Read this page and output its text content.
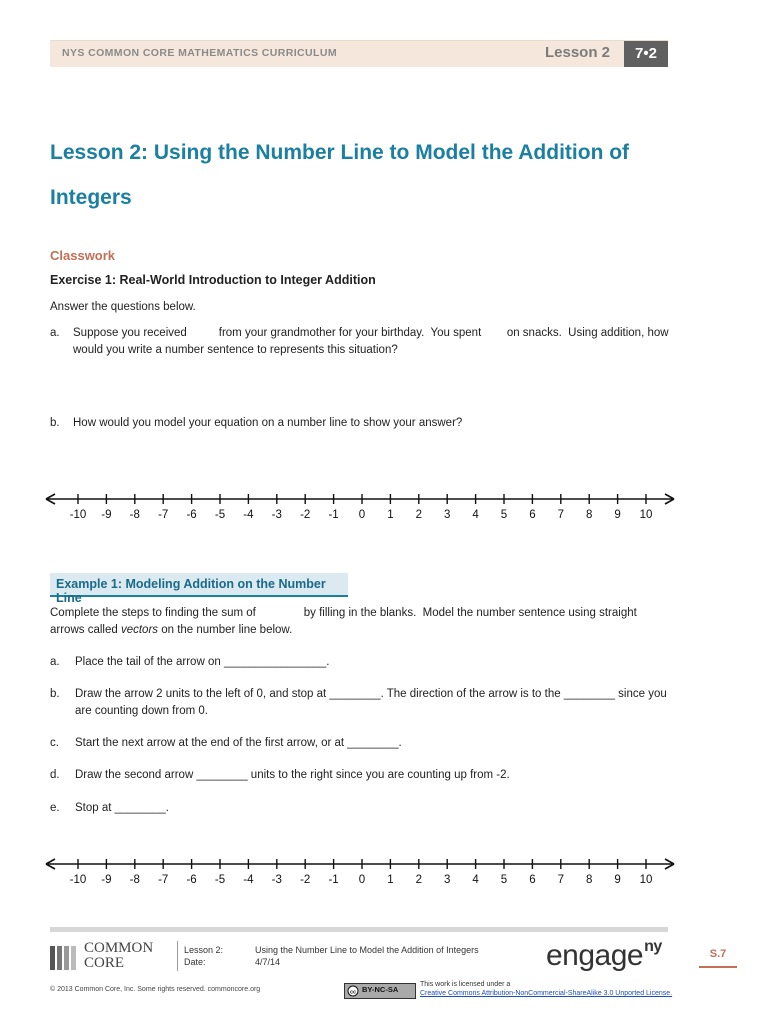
NYS COMMON CORE MATHEMATICS CURRICULUM	Lesson 2	7•2
Lesson 2: Using the Number Line to Model the Addition of Integers
Classwork
Exercise 1: Real-World Introduction to Integer Addition
Answer the questions below.
a. Suppose you received          from your grandmother for your birthday.  You spent        on snacks.  Using addition, how would you write a number sentence to represents this situation?
b. How would you model your equation on a number line to show your answer?
-10 -9 -8 -7 -6 -5 -4 -3 -2 -1 0 1 2 3 4 5 6 7 8 9 10
Example 1: Modeling Addition on the Number Line
Complete the steps to finding the sum of               by filling in the blanks.  Model the number sentence using straight arrows called vectors on the number line below.
a. Place the tail of the arrow on ________________.
b. Draw the arrow 2 units to the left of 0, and stop at ________. The direction of the arrow is to the ________ since you are counting down from 0.
c. Start the next arrow at the end of the first arrow, or at ________.
d. Draw the second arrow ________ units to the right since you are counting up from -2.
e. Stop at ________.
-10 -9 -8 -7 -6 -5 -4 -3 -2 -1 0 1 2 3 4 5 6 7 8 9 10
COMMON
CORE
Lesson 2:
Date:
Using the Number Line to Model the Addition of Integers
4/7/14	engage$^{ny}$	S.7
© 2013 Common Core, Inc. Some rights reserved. commoncore.org	cc BY-NC-SA
This work is licensed under a
Creative Commons Attribution-NonCommercial-ShareAlike 3.0 Unported License.
